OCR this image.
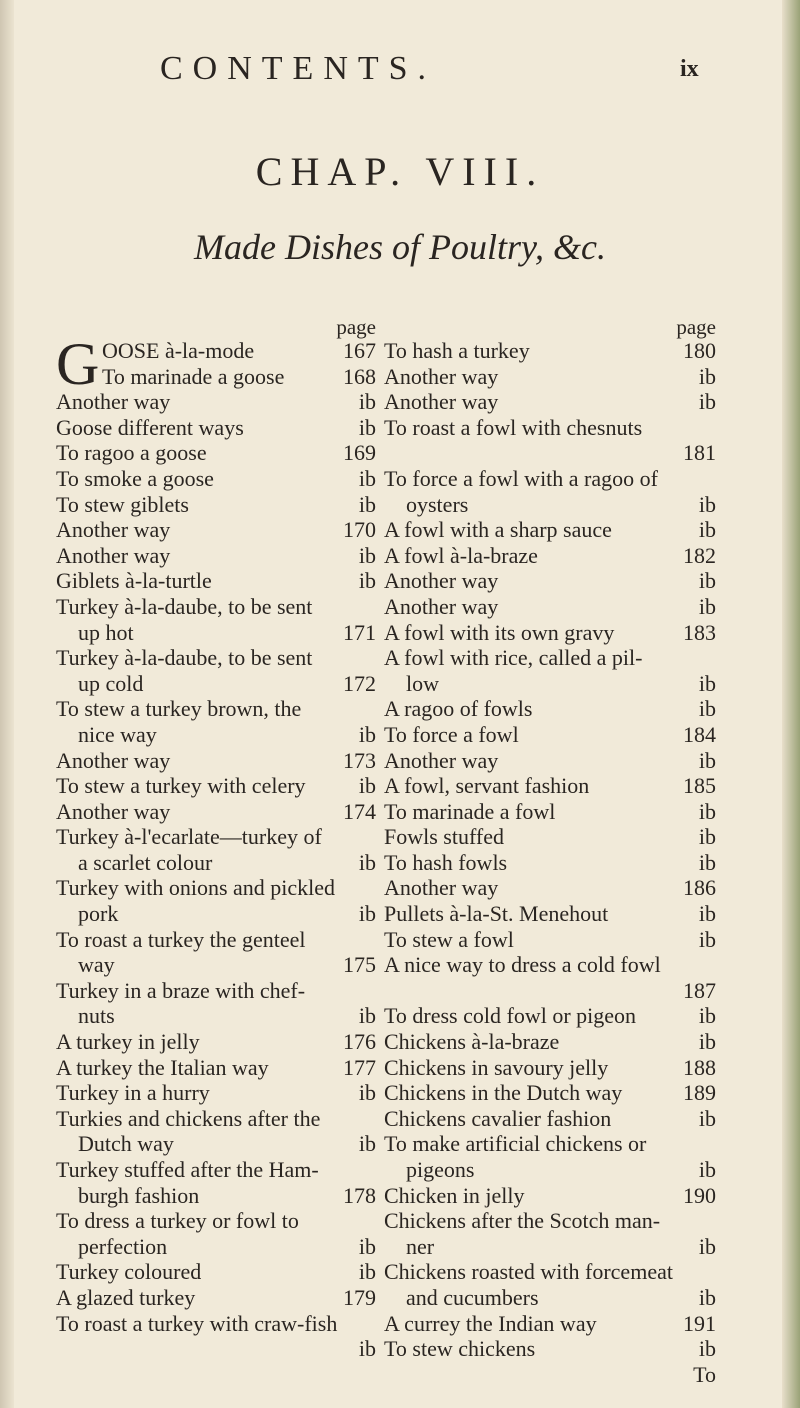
CONTENTS.	ix
CHAP. VIII.
Made Dishes of Poultry, &c.
page
G OOSE à-la-mode	167
To marinade a goose	168
Another way	ib
Goose different ways	ib
To ragoo a goose	169
To smoke a goose	ib
To stew giblets	ib
Another way	170
Another way	ib
Giblets à-la-turtle	ib
Turkey à-la-daube, to be sent
up hot	171
Turkey à-la-daube, to be sent
up cold	172
To stew a turkey brown, the
nice way	ib
Another way	173
To stew a turkey with celery ib
Another way	174
Turkey à-l'ecarlate—turkey of
a scarlet colour	ib
Turkey with onions and pickled
pork	ib
To roast a turkey the genteel
way	175
Turkey in a braze with chef-
nuts	ib
A turkey in jelly	176
A turkey the Italian way	177
Turkey in a hurry	ib
Turkies and chickens after the
Dutch way	ib
Turkey stuffed after the Ham-
burgh fashion	178
To dress a turkey or fowl to
perfection	ib
Turkey coloured	ib
A glazed turkey	179
To roast a turkey with craw-fish
ib
page
To hash a turkey	180
Another way	ib
Another way	ib
To roast a fowl with chesnuts
181
To force a fowl with a ragoo of
oysters	ib
A fowl with a sharp sauce	ib
A fowl à-la-braze	182
Another way	ib
Another way	ib
A fowl with its own gravy	183
A fowl with rice, called a pil-
low	ib
A ragoo of fowls	ib
To force a fowl	184
Another way	ib
A fowl, servant fashion	185
To marinade a fowl	ib
Fowls stuffed	ib
To hash fowls	ib
Another way	186
Pullets à-la-St. Menehout	ib
To stew a fowl	ib
A nice way to dress a cold fowl
187
To dress cold fowl or pigeon	ib
Chickens à-la-braze	ib
Chickens in savoury jelly	188
Chickens in the Dutch way	189
Chickens cavalier fashion	ib
To make artificial chickens or
pigeons	ib
Chicken in jelly	190
Chickens after the Scotch man-
ner	ib
Chickens roasted with forcemeat
and cucumbers	ib
A currey the Indian way	191
To stew chickens	ib
To
